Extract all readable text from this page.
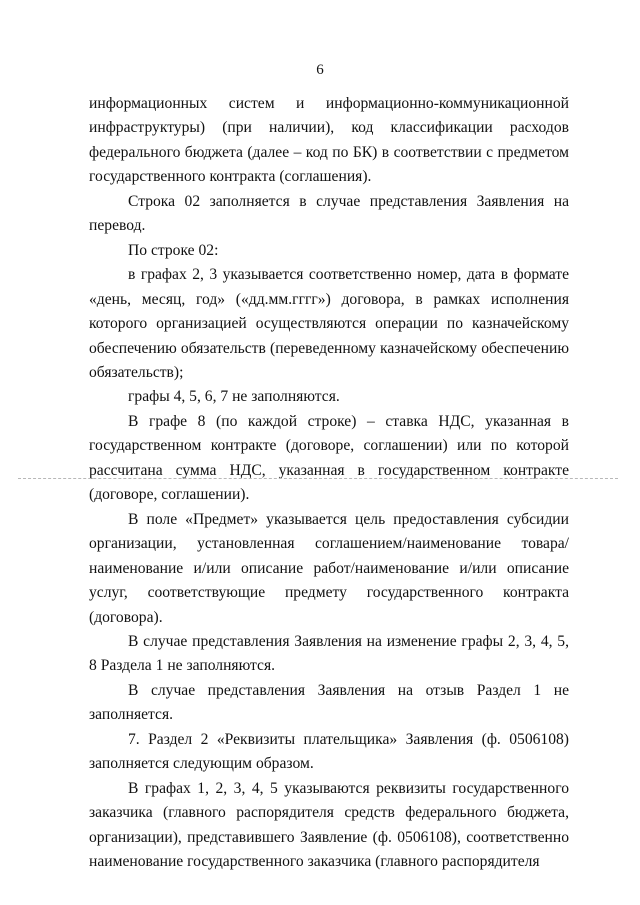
6

информационных систем и информационно-коммуникационной инфраструктуры) (при наличии), код классификации расходов федерального бюджета (далее – код по БК) в соответствии с предметом государственного контракта (соглашения).

Строка 02 заполняется в случае представления Заявления на перевод.

По строке 02:

в графах 2, 3 указывается соответственно номер, дата в формате «день, месяц, год» («дд.мм.гггг») договора, в рамках исполнения которого организацией осуществляются операции по казначейскому обеспечению обязательств (переведенному казначейскому обеспечению обязательств);

графы 4, 5, 6, 7 не заполняются.

В графе 8 (по каждой строке) – ставка НДС, указанная в государственном контракте (договоре, соглашении) или по которой рассчитана сумма НДС, указанная в государственном контракте (договоре, соглашении).

В поле «Предмет» указывается цель предоставления субсидии организации, установленная соглашением/наименование товара/наименование и/или описание работ/наименование и/или описание услуг, соответствующие предмету государственного контракта (договора).

В случае представления Заявления на изменение графы 2, 3, 4, 5, 8 Раздела 1 не заполняются.

В случае представления Заявления на отзыв Раздел 1 не заполняется.

7. Раздел 2 «Реквизиты плательщика» Заявления (ф. 0506108) заполняется следующим образом.

В графах 1, 2, 3, 4, 5 указываются реквизиты государственного заказчика (главного распорядителя средств федерального бюджета, организации), представившего Заявление (ф. 0506108), соответственно наименование государственного заказчика (главного распорядителя
